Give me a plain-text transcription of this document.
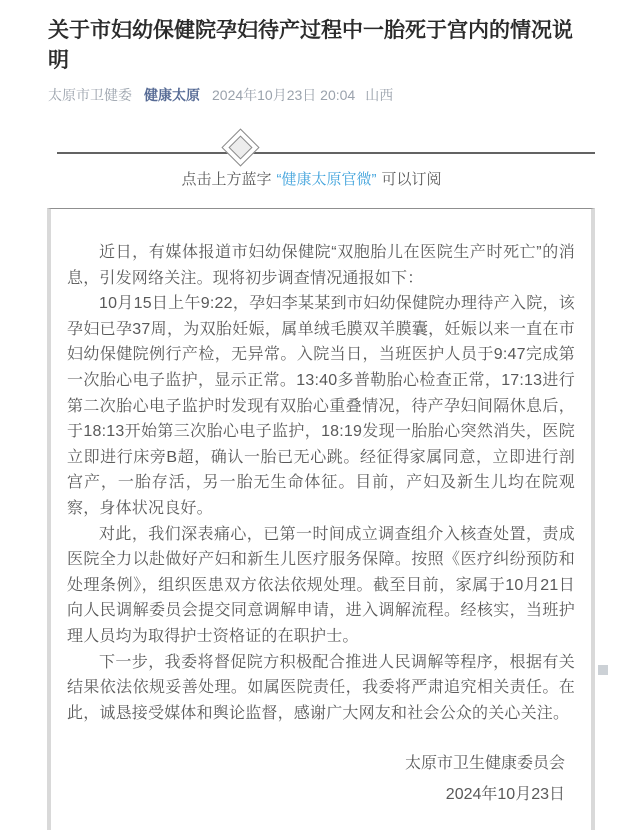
关于市妇幼保健院孕妇待产过程中一胎死于宫内的情况说明
太原市卫健委 健康太原 2024年10月23日 20:04 山西
点击上方蓝字 “健康太原官微” 可以订阅

近日，有媒体报道市妇幼保健院“双胞胎儿在医院生产时死亡”的消息，引发网络关注。现将初步调查情况通报如下：

10月15日上午9:22，孕妇李某某到市妇幼保健院办理待产入院，该孕妇已孕37周，为双胎妊娠，属单绒毛膜双羊膜囊，妊娠以来一直在市妇幼保健院例行产检，无异常。入院当日，当班医护人员于9:47完成第一次胎心电子监护，显示正常。13:40多普勒胎心检查正常，17:13进行第二次胎心电子监护时发现有双胎心重叠情况，待产孕妇间隔休息后，于18:13开始第三次胎心电子监护，18:19发现一胎胎心突然消失，医院立即进行床旁B超，确认一胎已无心跳。经征得家属同意，立即进行剖宫产，一胎存活，另一胎无生命体征。目前，产妇及新生儿均在院观察，身体状况良好。

对此，我们深表痛心，已第一时间成立调查组介入核查处置，责成医院全力以赴做好产妇和新生儿医疗服务保障。按照《医疗纠纷预防和处理条例》，组织医患双方依法依规处理。截至目前，家属于10月21日向人民调解委员会提交同意调解申请，进入调解流程。经核实，当班护理人员均为取得护士资格证的在职护士。

下一步，我委将督促院方积极配合推进人民调解等程序，根据有关结果依法依规妥善处理。如属医院责任，我委将严肃追究相关责任。在此，诚恳接受媒体和舆论监督，感谢广大网友和社会公众的关心关注。

太原市卫生健康委员会
2024年10月23日
